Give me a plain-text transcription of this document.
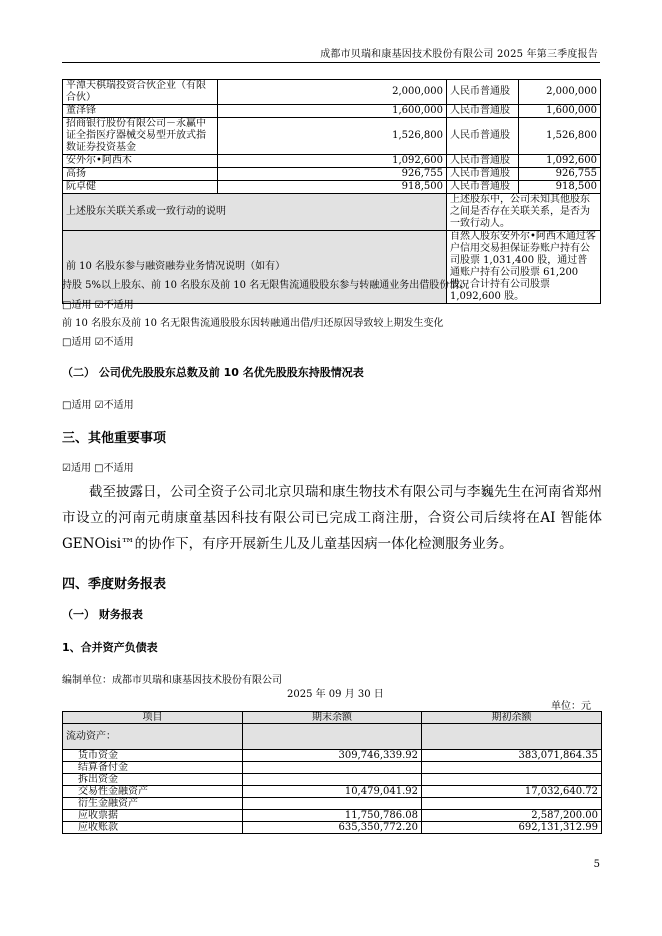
成都市贝瑞和康基因技术股份有限公司 2025 年第三季度报告
平潭天棋瑞投资合伙企业（有限合伙）	2,000,000	人民币普通股	2,000,000
董泽锋	1,600,000	人民币普通股	1,600,000
招商银行股份有限公司－永赢中证全指医疗器械交易型开放式指数证券投资基金	1,526,800	人民币普通股	1,526,800
安外尔•阿西木	1,092,600	人民币普通股	1,092,600
高扬	926,755	人民币普通股	926,755
阮卓健	918,500	人民币普通股	918,500
上述股东关联关系或一致行动的说明		上述股东中，公司未知其他股东之间是否存在关联关系，是否为一致行动人。	
前 10 名股东参与融资融券业务情况说明（如有）		自然人股东安外尔•阿西木通过客户信用交易担保证券账户持有公司股票 1,031,400 股，通过普通账户持有公司股票 61,200 股，合计持有公司股票 1,092,600 股。	
持股 5%以上股东、前 10 名股东及前 10 名无限售流通股股东参与转融通业务出借股份情况
□适用 ☑不适用
前 10 名股东及前 10 名无限售流通股股东因转融通出借/归还原因导致较上期发生变化
□适用 ☑不适用
（二） 公司优先股股东总数及前 10 名优先股股东持股情况表
□适用 ☑不适用
三、其他重要事项
☑适用 □不适用
截至披露日，公司全资子公司北京贝瑞和康生物技术有限公司与李巍先生在河南省郑州市设立的河南元萌康童基因科技有限公司已完成工商注册，合资公司后续将在AI 智能体 GENOisi™的协作下，有序开展新生儿及儿童基因病一体化检测服务业务。
四、季度财务报表
（一） 财务报表
1、合并资产负债表
编制单位：成都市贝瑞和康基因技术股份有限公司
2025 年 09 月 30 日
单位：元
项目	期末余额	期初余额
流动资产：		
货币资金	309,746,339.92	383,071,864.35
结算备付金		
拆出资金		
交易性金融资产	10,479,041.92	17,032,640.72
衍生金融资产		
应收票据	11,750,786.08	2,587,200.00
应收账款	635,350,772.20	692,131,312.99
5
